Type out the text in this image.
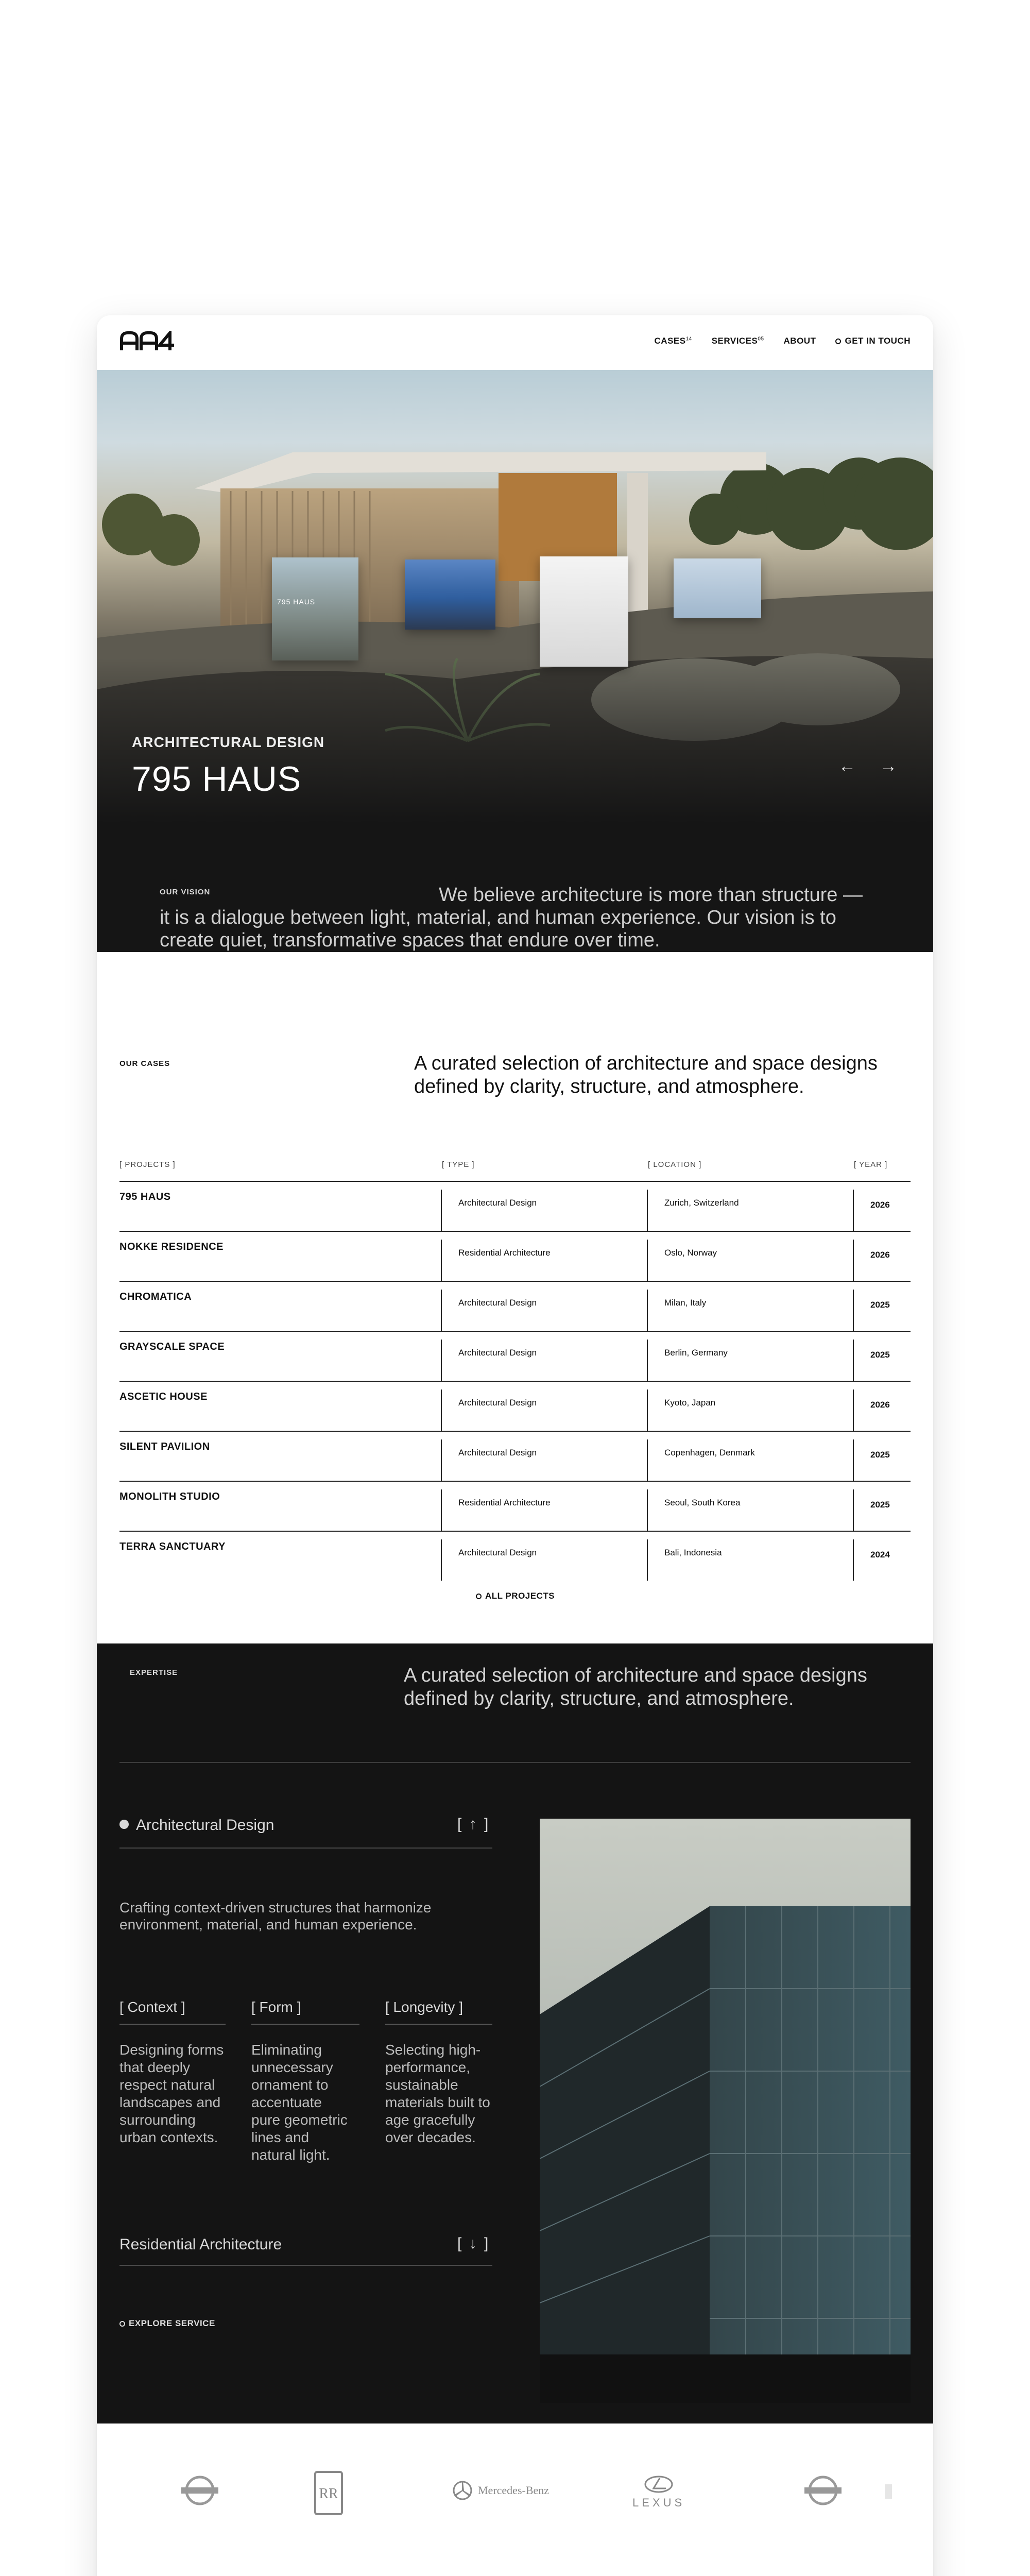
CASES$^{14}$ SERVICES$^{05}$ ABOUT	GET IN TOUCH
795 HAUS
ARCHITECTURAL DESIGN
795 HAUS	← →
OUR VISION	We believe architecture is more than structure — it is a dialogue between light, material, and human experience. Our vision is to create quiet, transformative spaces that endure over time.
OUR CASES	A curated selection of architecture and space designs defined by clarity, structure, and atmosphere.
[ PROJECTS ]	[ TYPE ]	[ LOCATION ]	[ YEAR ]
795 HAUS
Architectural Design	Zurich, Switzerland	2026
NOKKE RESIDENCE
Residential Architecture	Oslo, Norway	2026
CHROMATICA
Architectural Design	Milan, Italy	2025
GRAYSCALE SPACE
Architectural Design	Berlin, Germany	2025
ASCETIC HOUSE
Architectural Design	Kyoto, Japan	2026
SILENT PAVILION
Architectural Design	Copenhagen, Denmark	2025
MONOLITH STUDIO
Residential Architecture	Seoul, South Korea	2025
TERRA SANCTUARY
Architectural Design	Bali, Indonesia	2024
ALL PROJECTS
EXPERTISE	A curated selection of architecture and space designs defined by clarity, structure, and atmosphere.
Architectural Design	[ ↑ ]
Crafting context-driven structures that harmonize environment, material, and human experience.
[ Context ]
Designing forms that deeply respect natural landscapes and surrounding urban contexts.
[ Form ]
Eliminating unnecessary ornament to accentuate pure geometric lines and natural light.
[ Longevity ]
Selecting high-performance, sustainable materials built to age gracefully over decades.
Residential Architecture	[ ↓ ]
EXPLORE SERVICE
RR	Mercedes-Benz
LEXUS
